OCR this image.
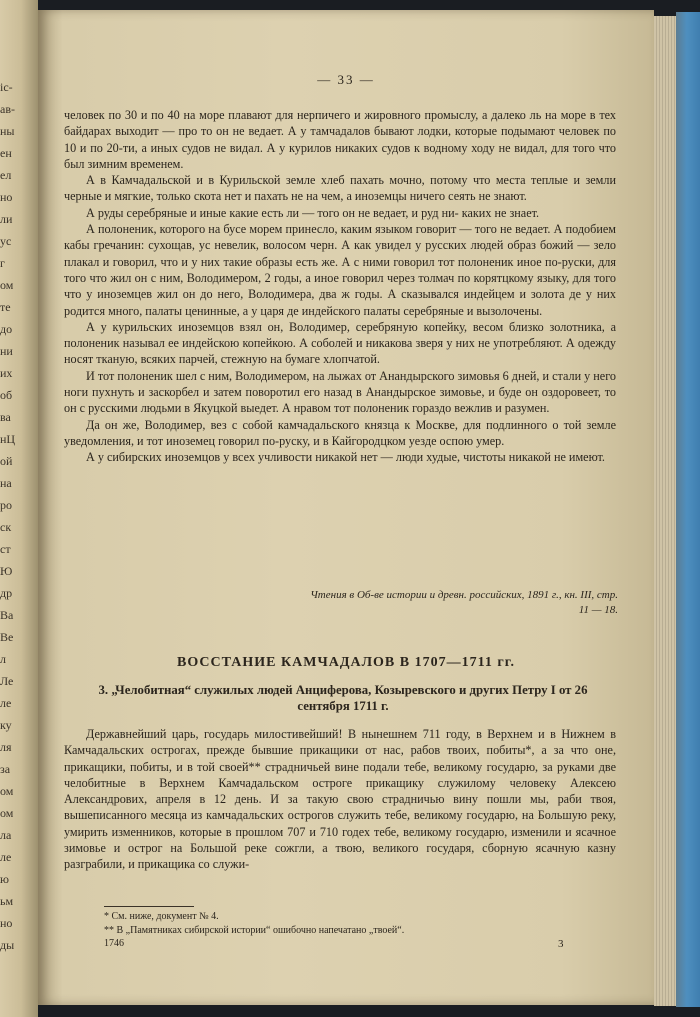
ic-
ав-
ны
ен
ел
но
ли
ус
г
ом
те
до
ни
их
об
ва
нЦ
ой
на
ро
ск
ст
Ю
др
Ва
Ве
л
Ле
ле
ку
ля
за
ом
ом
ла
ле
ю
ьм
но
ды
— 33 —

человек по 30 и по 40 на море плавают для нерпичего и жировного промыслу, а далеко ль на море в тех байдарах выходит — про то он не ведает. А у тамчадалов бывают лодки, которые подымают человек по 10 и по 20-ти, а иных судов не видал. А у курилов никаких судов к водному ходу не видал, для того что был зимним временем.

А в Камчадальской и в Курильской земле хлеб пахать мочно, потому что места теплые и земли черные и мягкие, только скота нет и пахать не на чем, а иноземцы ничего сеять не знают.

А руды серебряные и иные какие есть ли — того он не ведает, и руд ни- каких не знает.

А полоненик, которого на бусе морем принесло, каким языком говорит — того не ведает. А подобием кабы гречанин: сухощав, ус невелик, волосом черн. А как увидел у русских людей образ божий — зело плакал и говорил, что и у них такие образы есть же. А с ними говорил тот полоненик иное по-руски, для того что жил он с ним, Володимером, 2 годы, а иное говорил через толмач по корятцкому языку, для того что у иноземцев жил он до него, Володимера, два ж годы. А сказывался индейцем и золота де у них родится много, палаты ценинные, а у царя де индейского палаты серебряные и вызолочены.

А у курильских иноземцов взял он, Володимер, серебряную копейку, весом близко золотника, а полоненик называл ее индейскою копейкою. А соболей и никакова зверя у них не употребляют. А одежду носят тканую, всяких парчей, стежную на бумаге хлопчатой.

И тот полоненик шел с ним, Володимером, на лыжах от Анандырского зимовья 6 дней, и стали у него ноги пухнуть и заскорбел и затем поворотил его назад в Анандырское зимовье, и буде он оздоровеет, то он с русскими людьми в Якуцкой выедет. А нравом тот полоненик гораздо вежлив и разумен.

Да он же, Володимер, вез с собой камчадальского князца к Москве, для подлинного о той земле уведомления, и тот иноземец говорил по-руску, и в Кайгородцком уезде оспою умер.

А у сибирских иноземцов у всех учливости никакой нет — люди худые, чистоты никакой не имеют.

Чтения в Об-ве истории и древн. российских, 1891 г., кн. III, стр. 11 — 18.
ВОССТАНИЕ КАМЧАДАЛОВ В 1707—1711 гг.
3. „Челобитная“ служилых людей Анциферова, Козыревского и других Петру I от 26 сентября 1711 г.

Державнейший царь, государь милостивейший! В нынешнем 711 году, в Верхнем и в Нижнем в Камчадальских острогах, прежде бывшие прикащики от нас, рабов твоих, побиты*, а за что оне, прикащики, побиты, и в той своей** страдничьей вине подали тебе, великому государю, за руками две челобитные в Верхнем Камчадальском остроге прикащику служилому человеку Алексею Александрових, апреля в 12 день. И за такую свою страдничью вину пошли мы, раби твоя, вышеписанного месяца из камчадальских острогов служить тебе, великому государю, на Большую реку, умирить изменников, которые в прошлом 707 и 710 годех тебе, великому государю, изменили и ясачное зимовье и острог на Большой реке сожгли, а твою, великого государя, сборную ясачную казну разграбили, и прикащика со служи-

* См. ниже, документ № 4.
** В „Памятниках сибирской истории“ ошибочно напечатано „твоей“.
1746	3
